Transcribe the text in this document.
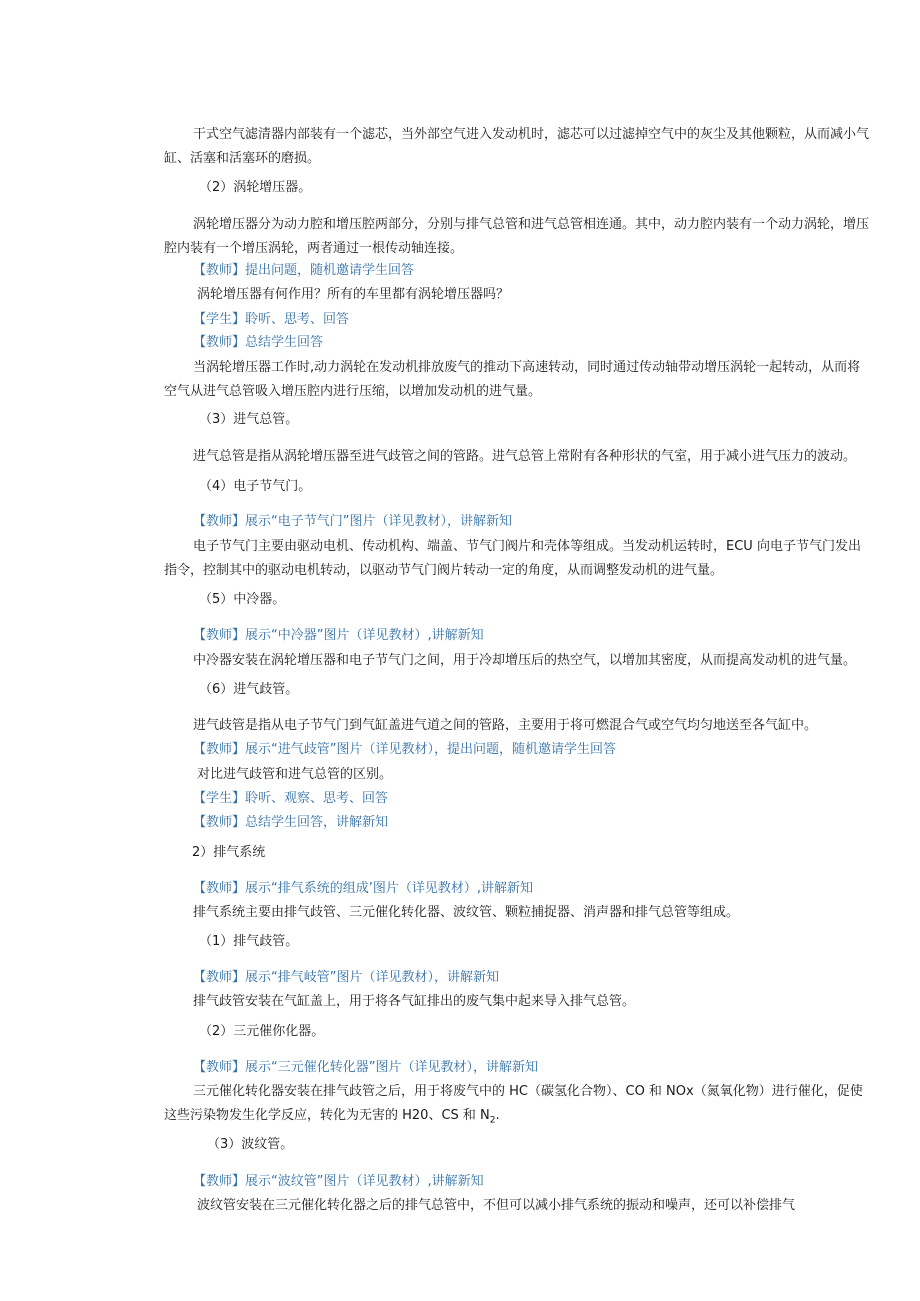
干式空气滤清器内部装有一个滤芯，当外部空气进入发动机时，滤芯可以过滤掉空气中的灰尘及其他颗粒，从而减小气
缸、活塞和活塞环的磨损。
（2）涡轮增压器。
涡轮增压器分为动力腔和增压腔两部分，分别与排气总管和进气总管相连通。其中，动力腔内装有一个动力涡轮，增压
腔内装有一个增压涡轮，两者通过一根传动轴连接。
【教师】提出问题，随机邀请学生回答
涡轮增压器有何作用？所有的车里都有涡轮增压器吗？
【学生】聆听、思考、回答
【教师】总结学生回答
当涡轮增压器工作时,动力涡轮在发动机排放废气的推动下高速转动，同时通过传动轴带动增压涡轮一起转动，从而将
空气从进气总管吸入增压腔内进行压缩，以增加发动机的进气量。
（3）进气总管。
进气总管是指从涡轮增压器至进气歧管之间的管路。进气总管上常附有各种形状的气室，用于减小进气压力的波动。
（4）电子节气门。
【教师】展示“电子节气门”图片（详见教材），讲解新知
电子节气门主要由驱动电机、传动机构、端盖、节气门阀片和壳体等组成。当发动机运转时，ECU 向电子节气门发出
指令，控制其中的驱动电机转动，以驱动节气门阀片转动一定的角度，从而调整发动机的进气量。
（5）中冷器。
【教师】展示“中冷器”图片（详见教材）,讲解新知
中冷器安装在涡轮增压器和电子节气门之间，用于冷却增压后的热空气，以增加其密度，从而提高发动机的进气量。
（6）进气歧管。
进气歧管是指从电子节气门到气缸盖进气道之间的管路，主要用于将可燃混合气或空气均匀地送至各气缸中。
【教师】展示“进气歧管”图片（详见教材），提出问题，随机邀请学生回答
对比进气歧管和进气总管的区别。
【学生】聆听、观察、思考、回答
【教师】总结学生回答，讲解新知
2）排气系统
【教师】展示“排气系统的组成’图片（详见教材）,讲解新知
排气系统主要由排气歧管、三元催化转化器、波纹管、颗粒捕捉器、消声器和排气总管等组成。
（1）排气歧管。
【教师】展示“排气岐管”图片（详见教材），讲解新知
排气歧管安装在气缸盖上，用于将各气缸排出的废气集中起来导入排气总管。
（2）三元催你化器。
【教师】展示“三元催化转化器”图片（详见教材），讲解新知
三元催化转化器安装在排气歧管之后，用于将废气中的 HC（碳氢化合物）、CO 和 NOx（氮氧化物）进行催化，促使
这些污染物发生化学反应，转化为无害的 H20、CS 和 $N_2$.
（3）波纹管。
【教师】展示“波纹管”图片（详见教材）,讲解新知
波纹管安装在三元催化转化器之后的排气总管中，不但可以减小排气系统的振动和噪声，还可以补偿排气
